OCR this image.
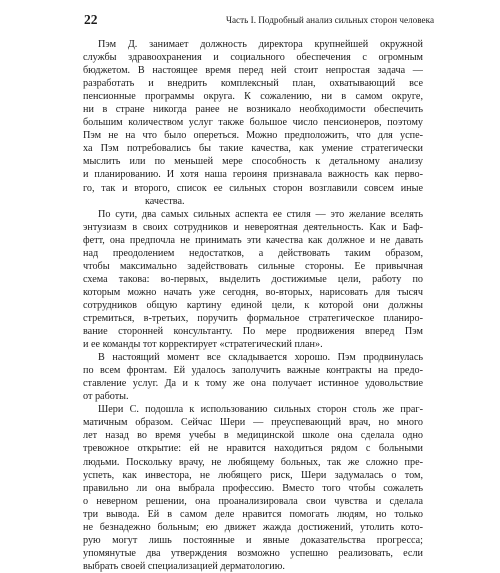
22	Часть I. Подробный анализ сильных сторон человека
Пэм Д. занимает должность директора крупнейшей окружной
службы здравоохранения и социального обеспечения с огромным
бюджетом. В настоящее время перед ней стоит непростая задача —
разработать и внедрить комплексный план, охватывающий все
пенсионные программы округа. К сожалению, ни в самом округе,
ни в стране никогда ранее не возникало необходимости обеспечить
большим количеством услуг также большое число пенсионеров, поэтому
Пэм не на что было опереться. Можно предположить, что для успе-
ха Пэм потребовались бы такие качества, как умение стратегически
мыслить или по меньшей мере способность к детальному анализу
и планированию. И хотя наша героиня признавала важность как перво-
го, так и второго, список ее сильных сторон возглавили совсем иные
качества.
По сути, два самых сильных аспекта ее стиля — это желание вселять
энтузиазм в своих сотрудников и невероятная деятельность. Как и Баф-
фетт, она предпочла не принимать эти качества как должное и не давать
над преодолением недостатков, а действовать таким образом,
чтобы максимально задействовать сильные стороны. Ее привычная
схема такова: во-первых, выделить достижимые цели, работу по
которым можно начать уже сегодня, во-вторых, нарисовать для тысяч
сотрудников общую картину единой цели, к которой они должны
стремиться, в-третьих, поручить формальное стратегическое планиро-
вание сторонней консультанту. По мере продвижения вперед Пэм
и ее команды тот корректирует «стратегический план».
В настоящий момент все складывается хорошо. Пэм продвинулась
по всем фронтам. Ей удалось заполучить важные контракты на предо-
ставление услуг. Да и к тому же она получает истинное удовольствие
от работы.
Шери С. подошла к использованию сильных сторон столь же праг-
матичным образом. Сейчас Шери — преуспевающий врач, но много
лет назад во время учебы в медицинской школе она сделала одно
тревожное открытие: ей не нравится находиться рядом с больными
людьми. Поскольку врачу, не любящему больных, так же сложно пре-
успеть, как инвестора, не любящего риск, Шери задумалась о том,
правильно ли она выбрала профессию. Вместо того чтобы сожалеть
о неверном решении, она проанализировала свои чувства и сделала
три вывода. Ей в самом деле нравится помогать людям, но только
не безнадежно больным; ею движет жажда достижений, утолить кото-
рую могут лишь постоянные и явные доказательства прогресса;
упомянутые два утверждения возможно успешно реализовать, если
выбрать своей специализацией дерматологию.
